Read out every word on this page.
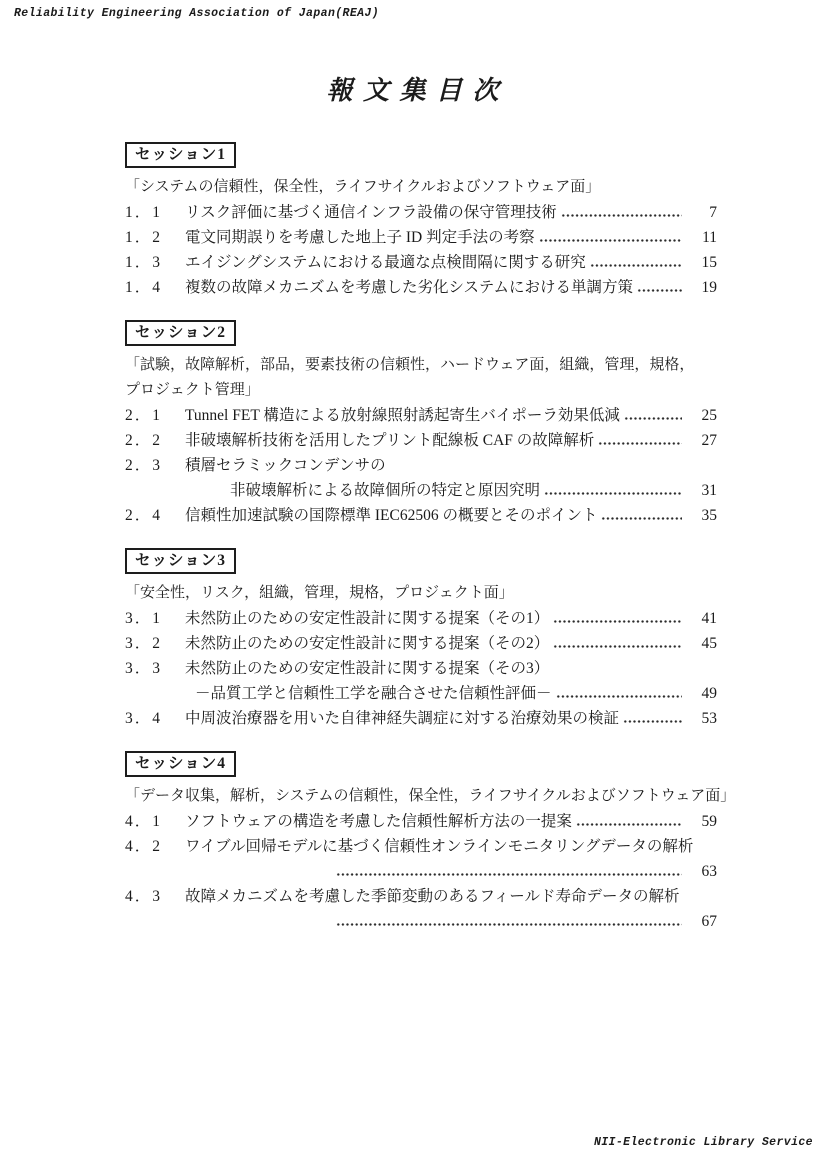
Reliability Engineering Association of Japan(REAJ)
報 文 集 目 次
セッション1
「システムの信頼性，保全性，ライフサイクルおよびソフトウェア面」
1．1	リスク評価に基づく通信インフラ設備の保守管理技術	7
1．2	電文同期誤りを考慮した地上子 ID 判定手法の考察	11
1．3	エイジングシステムにおける最適な点検間隔に関する研究	15
1．4	複数の故障メカニズムを考慮した劣化システムにおける単調方策	19
セッション2
「試験，故障解析，部品，要素技術の信頼性，ハードウェア面，組織，管理，規格，
プロジェクト管理」
2．1	Tunnel FET 構造による放射線照射誘起寄生バイポーラ効果低減	25
2．2	非破壊解析技術を活用したプリント配線板 CAF の故障解析	27
2．3	積層セラミックコンデンサの
非破壊解析による故障個所の特定と原因究明	31
2．4	信頼性加速試験の国際標準 IEC62506 の概要とそのポイント	35
セッション3
「安全性，リスク，組織，管理，規格，プロジェクト面」
3．1	未然防止のための安定性設計に関する提案（その1）	41
3．2	未然防止のための安定性設計に関する提案（その2）	45
3．3	未然防止のための安定性設計に関する提案（その3）
－品質工学と信頼性工学を融合させた信頼性評価－	49
3．4	中周波治療器を用いた自律神経失調症に対する治療効果の検証	53
セッション4
「データ収集，解析，システムの信頼性，保全性，ライフサイクルおよびソフトウェア面」
4．1	ソフトウェアの構造を考慮した信頼性解析方法の一提案	59
4．2	ワイブル回帰モデルに基づく信頼性オンラインモニタリングデータの解析
63
4．3	故障メカニズムを考慮した季節変動のあるフィールド寿命データの解析
67
NII-Electronic Library Service
